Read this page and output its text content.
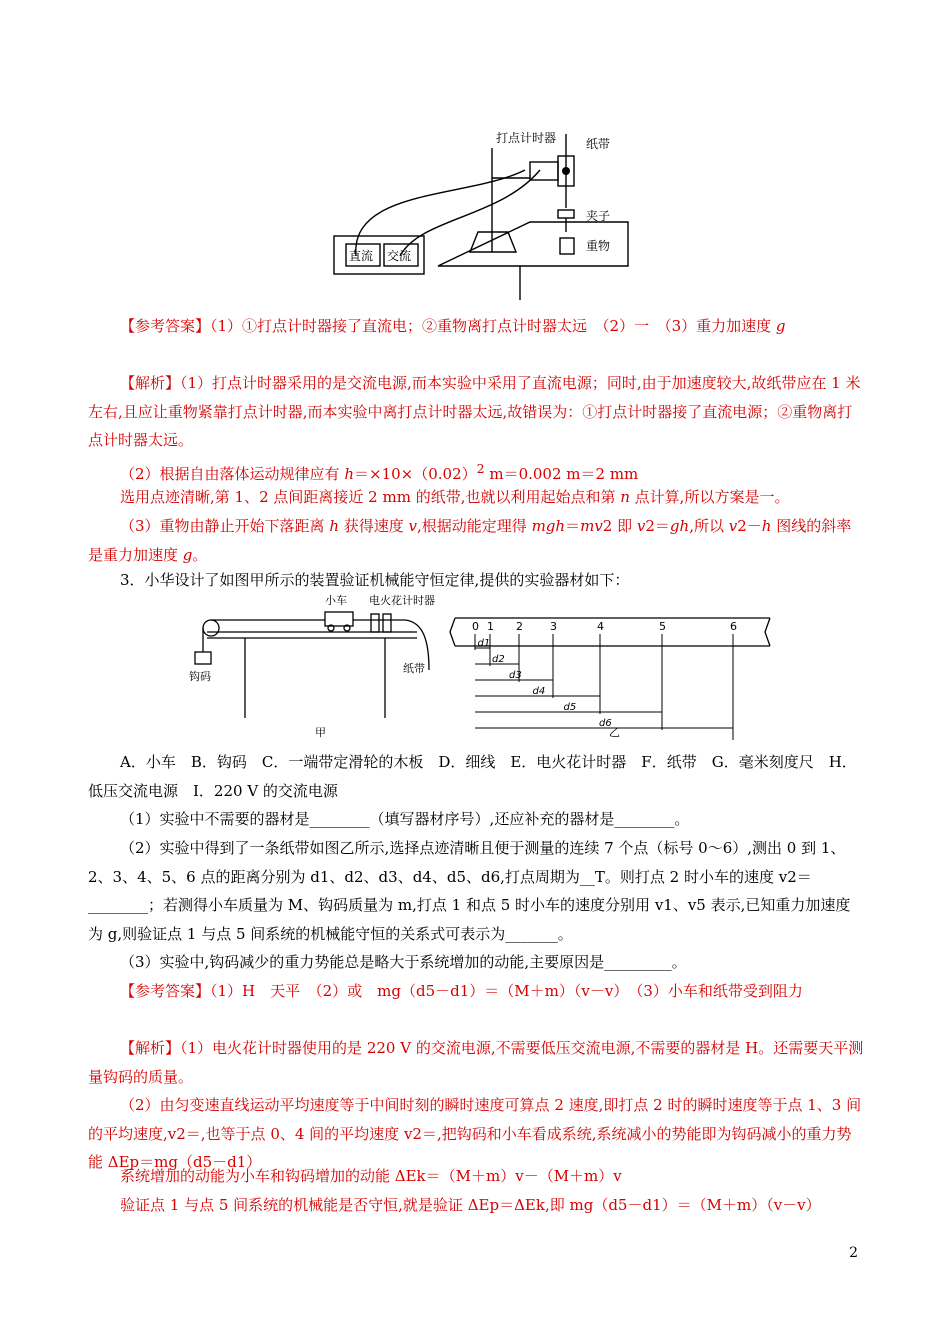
打点计时器 纸带
夹子
重物
直流 交流
【参考答案】（1）①打点计时器接了直流电；②重物离打点计时器太远　（2）一　（3）重力加速度 g
【解析】（1）打点计时器采用的是交流电源,而本实验中采用了直流电源；同时,由于加速度较大,故纸带应在 1 米左右,且应让重物紧靠打点计时器,而本实验中离打点计时器太远,故错误为：①打点计时器接了直流电源；②重物离打点计时器太远。
（2）根据自由落体运动规律应有 $h=\times 10\times(0.02)^2$ m＝0.002 m＝2 mm
选用点迹清晰,第 1、2 点间距离接近 2 mm 的纸带,也就以利用起始点和第 n 点计算,所以方案是一。
（3）重物由静止开始下落距离 h 获得速度 v,根据动能定理得 mgh＝mv2 即 v2＝gh,所以 v2－h 图线的斜率是重力加速度 g。
3．小华设计了如图甲所示的装置验证机械能守恒定律,提供的实验器材如下：
0 1 2 3	4	5	6
d1
d2
d3
d4
d5
d6
小车 电火花计时器
钩码
纸带
甲	乙
A．小车　B．钩码　C．一端带定滑轮的木板　D．细线　E．电火花计时器　F．纸带　G．毫米刻度尺　H．低压交流电源　I．220 V 的交流电源
（1）实验中不需要的器材是________（填写器材序号）,还应补充的器材是________。
（2）实验中得到了一条纸带如图乙所示,选择点迹清晰且便于测量的连续 7 个点（标号 0～6）,测出 0 到 1、2、3、4、5、6 点的距离分别为 d1、d2、d3、d4、d5、d6,打点周期为__T。则打点 2 时小车的速度 v2＝________；若测得小车质量为 M、钩码质量为 m,打点 1 和点 5 时小车的速度分别用 v1、v5 表示,已知重力加速度为 g,则验证点 1 与点 5 间系统的机械能守恒的关系式可表示为_______。
（3）实验中,钩码减少的重力势能总是略大于系统增加的动能,主要原因是_________。
【参考答案】（1）H　天平　（2）或　mg（d5－d1）＝（M＋m）（v－v）　（3）小车和纸带受到阻力
【解析】（1）电火花计时器使用的是 220 V 的交流电源,不需要低压交流电源,不需要的器材是 H。还需要天平测量钩码的质量。
（2）由匀变速直线运动平均速度等于中间时刻的瞬时速度可算点 2 速度,即打点 2 时的瞬时速度等于点 1、3 间的平均速度,v2＝,也等于点 0、4 间的平均速度 v2＝,把钩码和小车看成系统,系统减小的势能即为钩码减小的重力势能 ΔEp＝mg（d5－d1）
系统增加的动能为小车和钩码增加的动能 ΔEk＝（M＋m）v－（M＋m）v
验证点 1 与点 5 间系统的机械能是否守恒,就是验证 ΔEp＝ΔEk,即 mg（d5－d1）＝（M＋m）（v－v）
2
